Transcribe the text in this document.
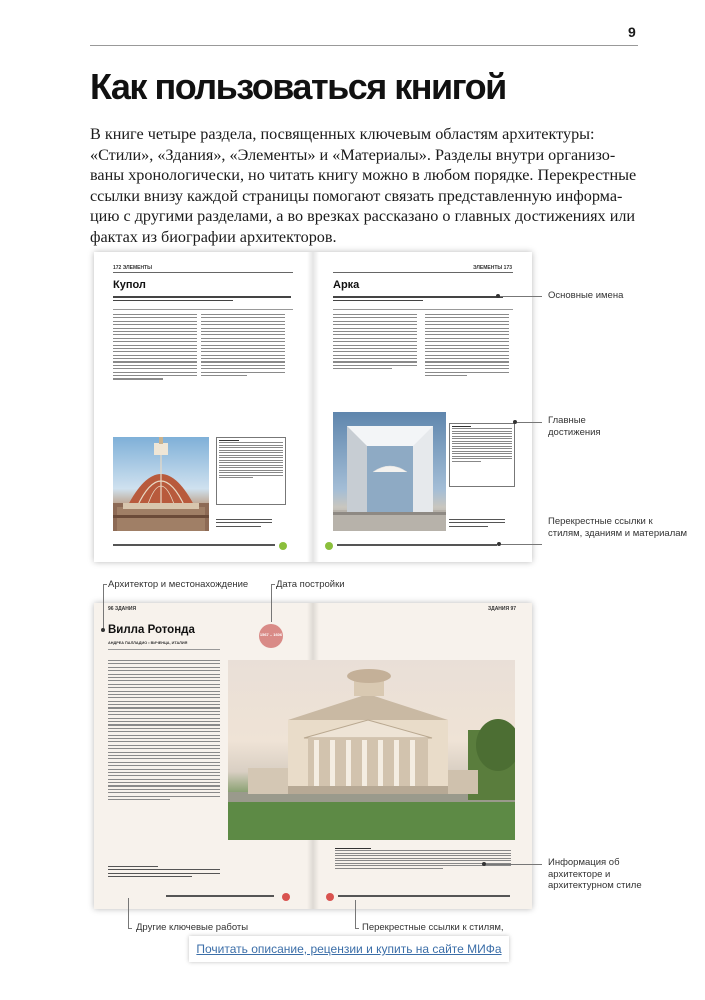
9
Как пользоваться книгой
В книге четыре раздела, посвященных ключевым областям архитектуры: «Стили», «Здания», «Элементы» и «Материалы». Разделы внутри организованы хронологически, но читать книгу можно в любом порядке. Перекрестные ссылки внизу каждой страницы помогают связать представленную информацию с другими разделами, а во врезках рассказано о главных достижениях или фактах из биографии архитекторов.
172 ЭЛЕМЕНТЫ
Купол
ЭЛЕМЕНТЫ 173
Арка
96 ЗДАНИЯ	ЗДАНИЯ 97
Вилла Ротонда
АНДРЕА ПАЛЛАДИО • ВИЧЕНЦА, ИТАЛИЯ
1567 – 1606
Основные имена
Главные достижения
Перекрестные ссылки к стилям, зданиям и материалам
Архитектор и местонахождение	Дата постройки
Информация об архитекторе и архитектурном стиле
Другие ключевые работы	Перекрестные ссылки к стилям,
Почитать описание, рецензии и купить на сайте МИФа
